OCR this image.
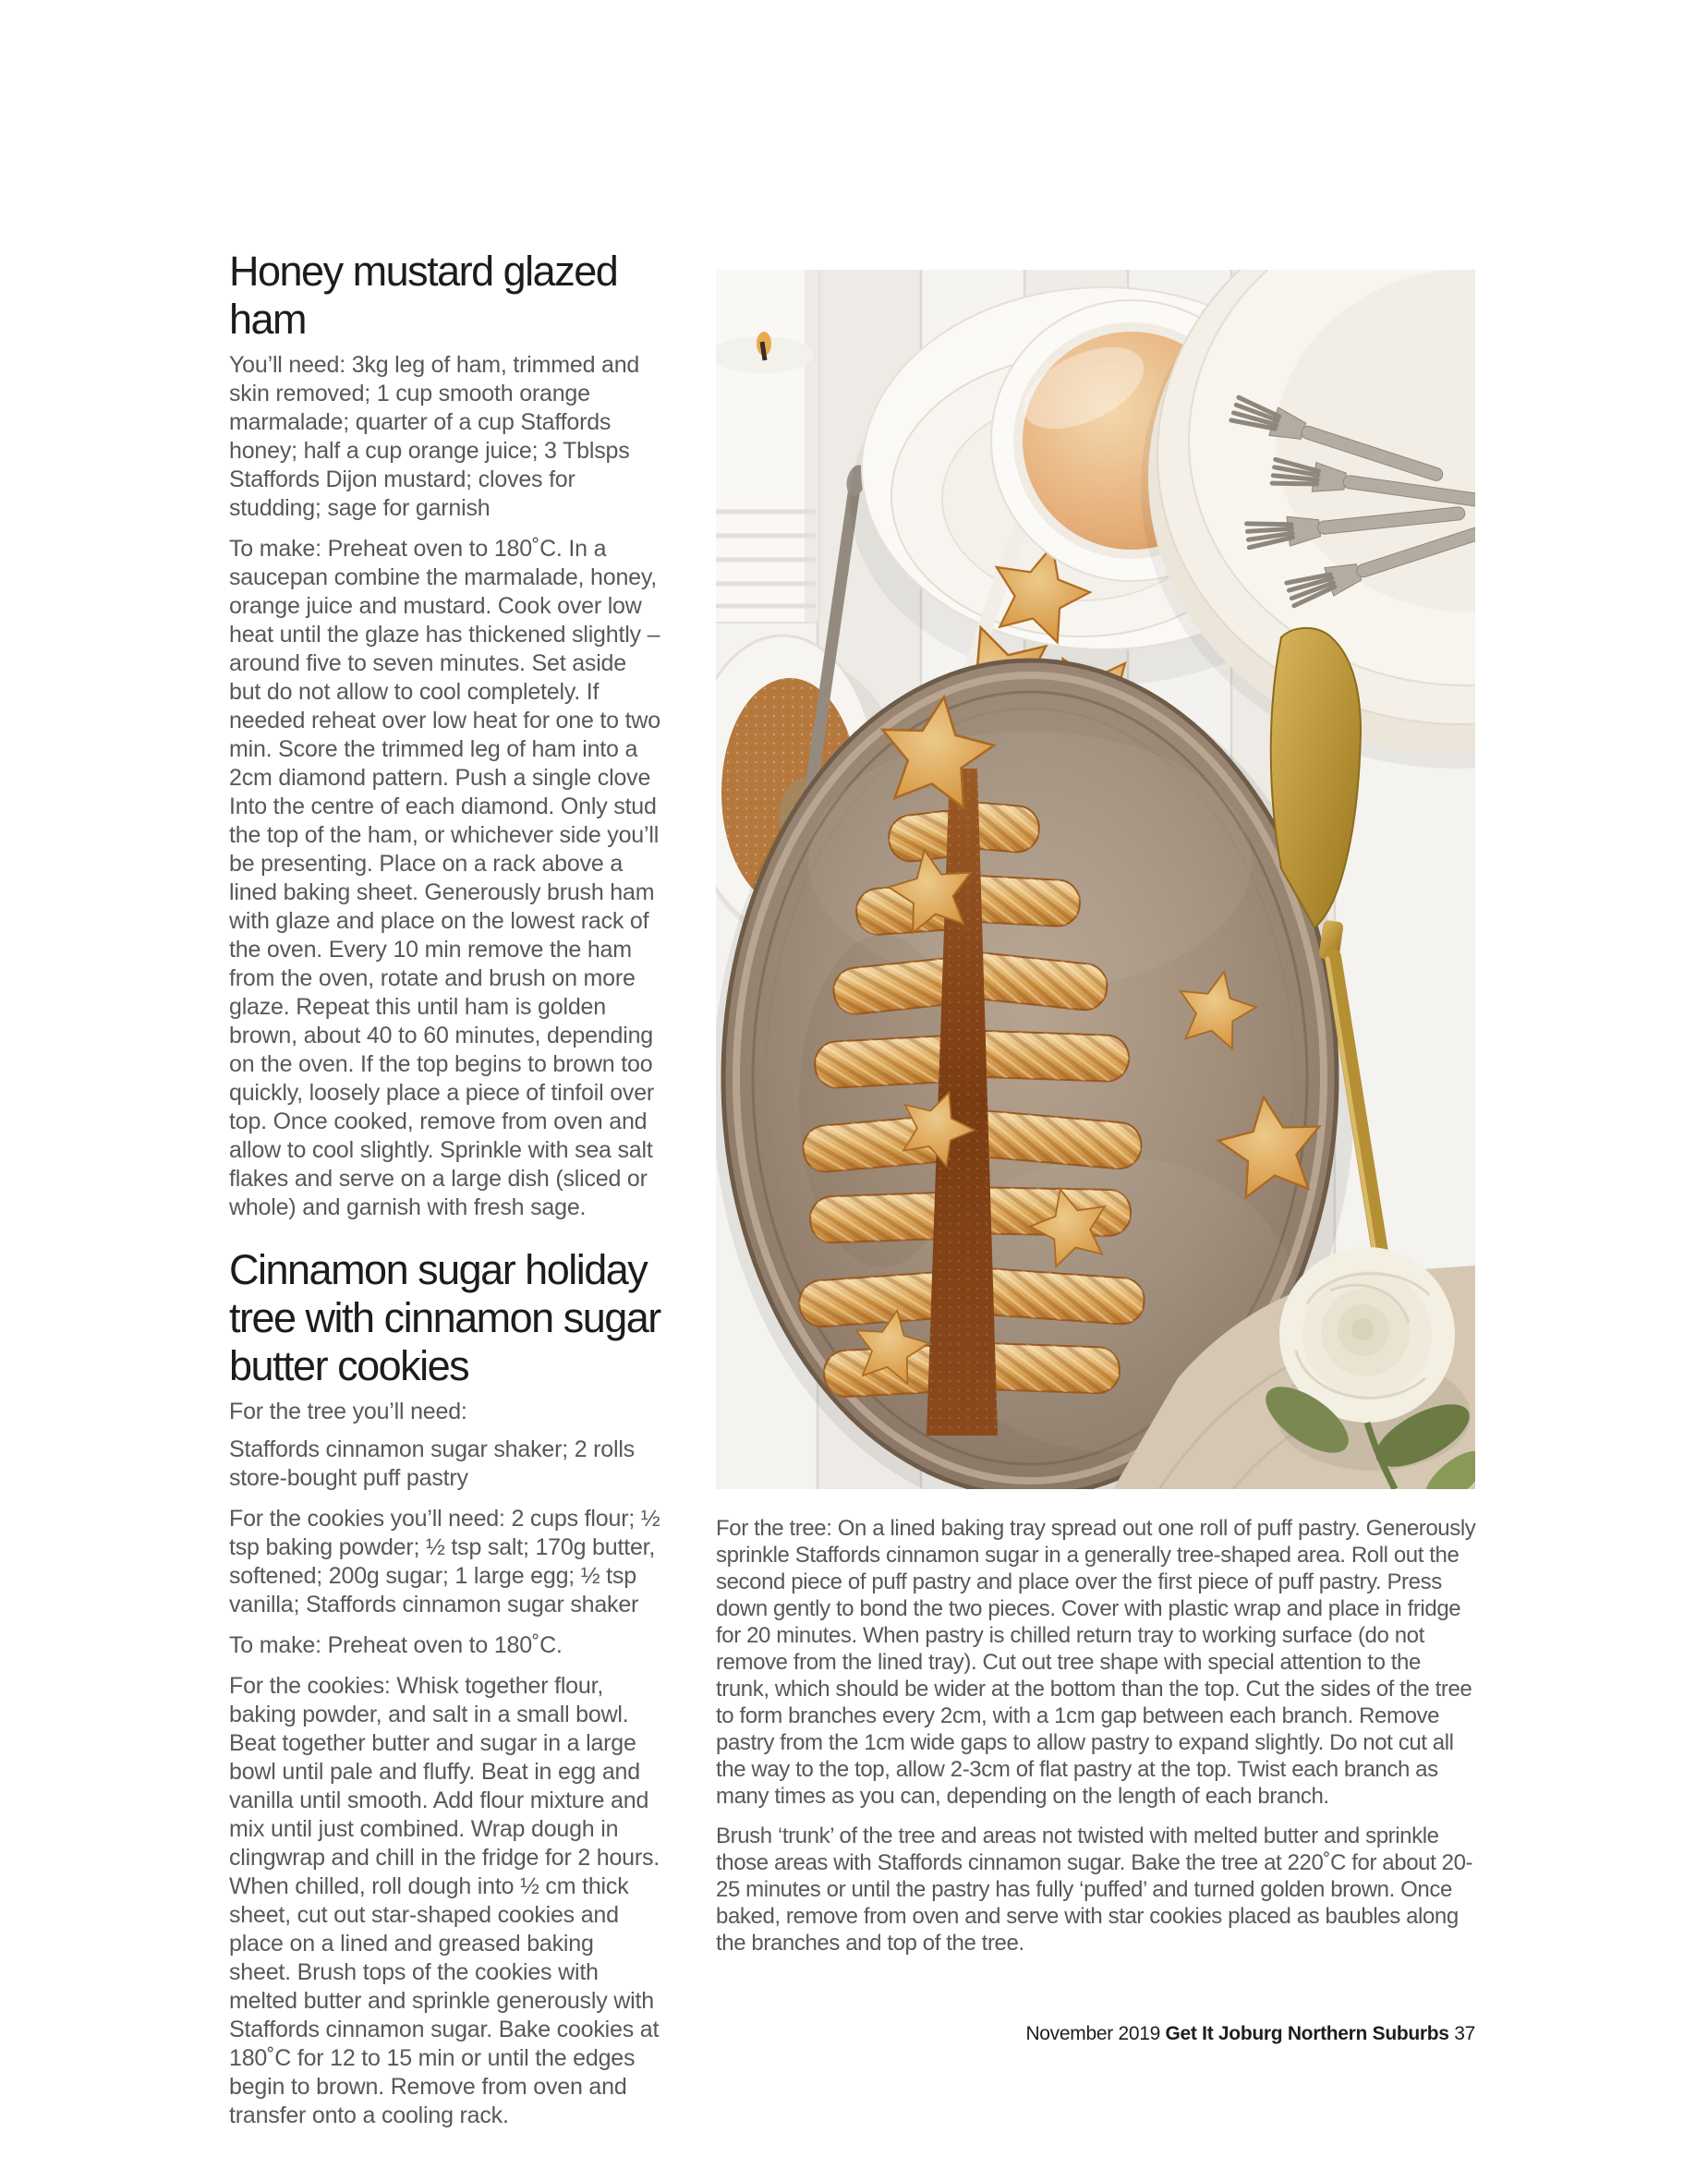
Honey mustard glazed ham

You’ll need: 3kg leg of ham, trimmed and skin removed; 1 cup smooth orange marmalade; quarter of a cup Staffords honey; half a cup orange juice; 3 Tblsps Staffords Dijon mustard; cloves for studding; sage for garnish

To make: Preheat oven to 180˚C. In a saucepan combine the marmalade, honey, orange juice and mustard. Cook over low heat until the glaze has thickened slightly – around five to seven minutes. Set aside but do not allow to cool completely. If needed reheat over low heat for one to two min. Score the trimmed leg of ham into a 2cm diamond pattern. Push a single clove Into the centre of each diamond. Only stud the top of the ham, or whichever side you’ll be presenting. Place on a rack above a lined baking sheet. Generously brush ham with glaze and place on the lowest rack of the oven. Every 10 min remove the ham from the oven, rotate and brush on more glaze. Repeat this until ham is golden brown, about 40 to 60 minutes, depending on the oven. If the top begins to brown too quickly, loosely place a piece of tinfoil over top. Once cooked, remove from oven and allow to cool slightly. Sprinkle with sea salt flakes and serve on a large dish (sliced or whole) and garnish with fresh sage.

Cinnamon sugar holiday tree with cinnamon sugar butter cookies

For the tree you’ll need:

Staffords cinnamon sugar shaker; 2 rolls store-bought puff pastry

For the cookies you’ll need: 2 cups flour; ½ tsp baking powder; ½ tsp salt; 170g butter, softened; 200g sugar; 1 large egg; ½ tsp vanilla; Staffords cinnamon sugar shaker

To make: Preheat oven to 180˚C.

For the cookies: Whisk together flour, baking powder, and salt in a small bowl. Beat together butter and sugar in a large bowl until pale and fluffy. Beat in egg and vanilla until smooth. Add flour mixture and mix until just combined. Wrap dough in clingwrap and chill in the fridge for 2 hours. When chilled, roll dough into ½ cm thick sheet, cut out star-shaped cookies and place on a lined and greased baking sheet. Brush tops of the cookies with melted butter and sprinkle generously with Staffords cinnamon sugar. Bake cookies at 180˚C for 12 to 15 min or until the edges begin to brown. Remove from oven and transfer onto a cooling rack.

For the tree: On a lined baking tray spread out one roll of puff pastry. Generously sprinkle Staffords cinnamon sugar in a generally tree-shaped area. Roll out the second piece of puff pastry and place over the first piece of puff pastry. Press down gently to bond the two pieces. Cover with plastic wrap and place in fridge for 20 minutes. When pastry is chilled return tray to working surface (do not remove from the lined tray). Cut out tree shape with special attention to the trunk, which should be wider at the bottom than the top. Cut the sides of the tree to form branches every 2cm, with a 1cm gap between each branch. Remove pastry from the 1cm wide gaps to allow pastry to expand slightly. Do not cut all the way to the top, allow 2-3cm of flat pastry at the top. Twist each branch as many times as you can, depending on the length of each branch.

Brush ‘trunk’ of the tree and areas not twisted with melted butter and sprinkle those areas with Staffords cinnamon sugar. Bake the tree at 220˚C for about 20-25 minutes or until the pastry has fully ‘puffed’ and turned golden brown. Once baked, remove from oven and serve with star cookies placed as baubles along the branches and top of the tree.

November 2019 Get It Joburg Northern Suburbs 37
